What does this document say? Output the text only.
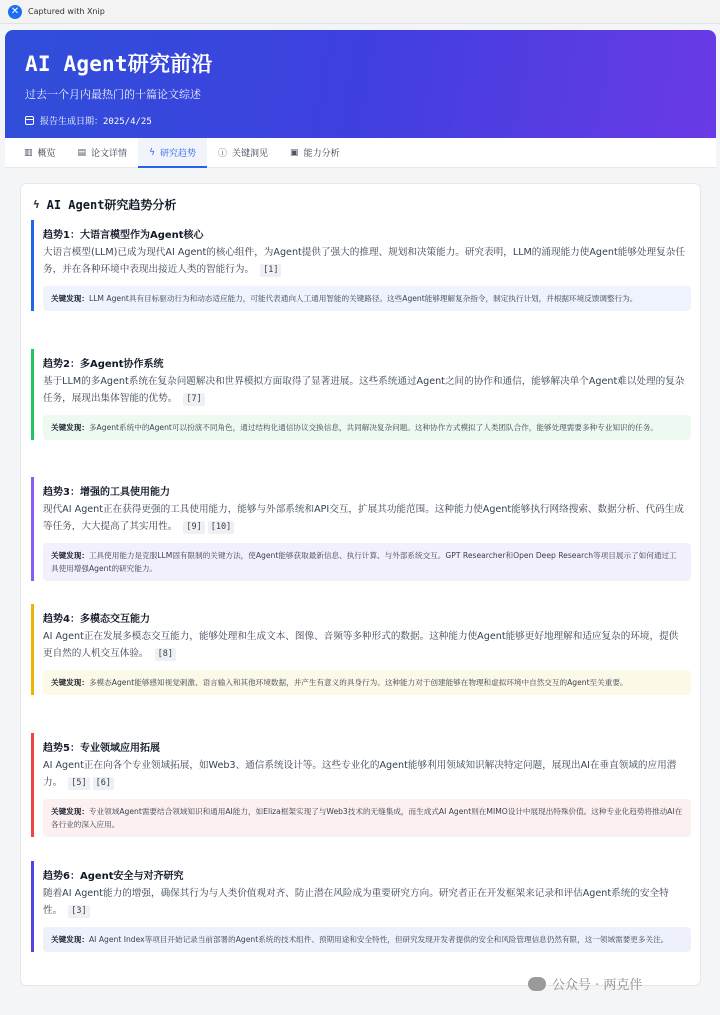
✕	Captured with Xnip
AI Agent研究前沿
过去一个月内最热门的十篇论文综述
报告生成日期：2025/4/25
▥ 概览 ▤ 论文详情 ϟ 研究趋势 ⓘ 关键洞见 ▣ 能力分析
ϟ AI Agent研究趋势分析
趋势1：大语言模型作为Agent核心
大语言模型(LLM)已成为现代AI Agent的核心组件，为Agent提供了强大的推理、规划和决策能力。研究表明，LLM的涌现能力使Agent能够处理复杂任务，并在各种环境中表现出接近人类的智能行为。 [1]
关键发现：LLM Agent具有目标驱动行为和动态适应能力，可能代表通向人工通用智能的关键路径。这些Agent能够理解复杂指令，制定执行计划，并根据环境反馈调整行为。
趋势2：多Agent协作系统
基于LLM的多Agent系统在复杂问题解决和世界模拟方面取得了显著进展。这些系统通过Agent之间的协作和通信，能够解决单个Agent难以处理的复杂任务，展现出集体智能的优势。 [7]
关键发现：多Agent系统中的Agent可以扮演不同角色，通过结构化通信协议交换信息，共同解决复杂问题。这种协作方式模拟了人类团队合作，能够处理需要多种专业知识的任务。
趋势3：增强的工具使用能力
现代AI Agent正在获得更强的工具使用能力，能够与外部系统和API交互，扩展其功能范围。这种能力使Agent能够执行网络搜索、数据分析、代码生成等任务，大大提高了其实用性。 [9] [10]
关键发现：工具使用能力是克服LLM固有限制的关键方法，使Agent能够获取最新信息、执行计算、与外部系统交互。GPT Researcher和Open Deep Research等项目展示了如何通过工具使用增强Agent的研究能力。
趋势4：多模态交互能力
AI Agent正在发展多模态交互能力，能够处理和生成文本、图像、音频等多种形式的数据。这种能力使Agent能够更好地理解和适应复杂的环境，提供更自然的人机交互体验。 [8]
关键发现：多模态Agent能够感知视觉刺激、语言输入和其他环境数据，并产生有意义的具身行为。这种能力对于创建能够在物理和虚拟环境中自然交互的Agent至关重要。
趋势5：专业领域应用拓展
AI Agent正在向各个专业领域拓展，如Web3、通信系统设计等。这些专业化的Agent能够利用领域知识解决特定问题，展现出AI在垂直领域的应用潜力。 [5] [6]
关键发现：专业领域Agent需要结合领域知识和通用AI能力，如Eliza框架实现了与Web3技术的无缝集成，而生成式AI Agent则在MIMO设计中展现出特殊价值。这种专业化趋势将推动AI在各行业的深入应用。
趋势6：Agent安全与对齐研究
随着AI Agent能力的增强，确保其行为与人类价值观对齐、防止潜在风险成为重要研究方向。研究者正在开发框架来记录和评估Agent系统的安全特性。 [3]
关键发现：AI Agent Index等项目开始记录当前部署的Agent系统的技术组件、预期用途和安全特性，但研究发现开发者提供的安全和风险管理信息仍然有限，这一领域需要更多关注。
公众号 · 两克伴
